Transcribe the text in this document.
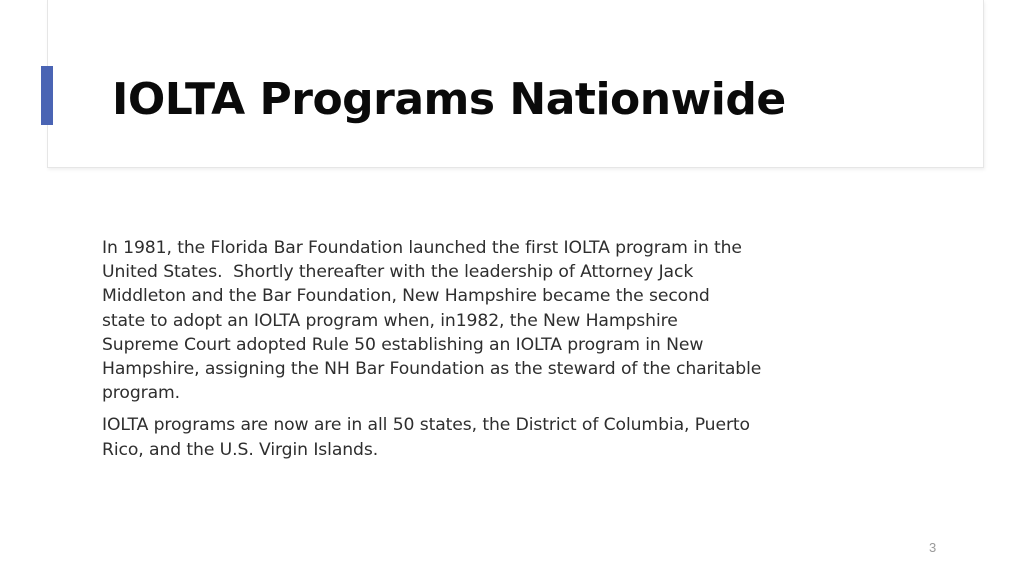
IOLTA Programs Nationwide

In 1981, the Florida Bar Foundation launched the first IOLTA program in the
United States.  Shortly thereafter with the leadership of Attorney Jack
Middleton and the Bar Foundation, New Hampshire became the second
state to adopt an IOLTA program when, in1982, the New Hampshire
Supreme Court adopted Rule 50 establishing an IOLTA program in New
Hampshire, assigning the NH Bar Foundation as the steward of the charitable
program.

IOLTA programs are now are in all 50 states, the District of Columbia, Puerto
Rico, and the U.S. Virgin Islands.

3
